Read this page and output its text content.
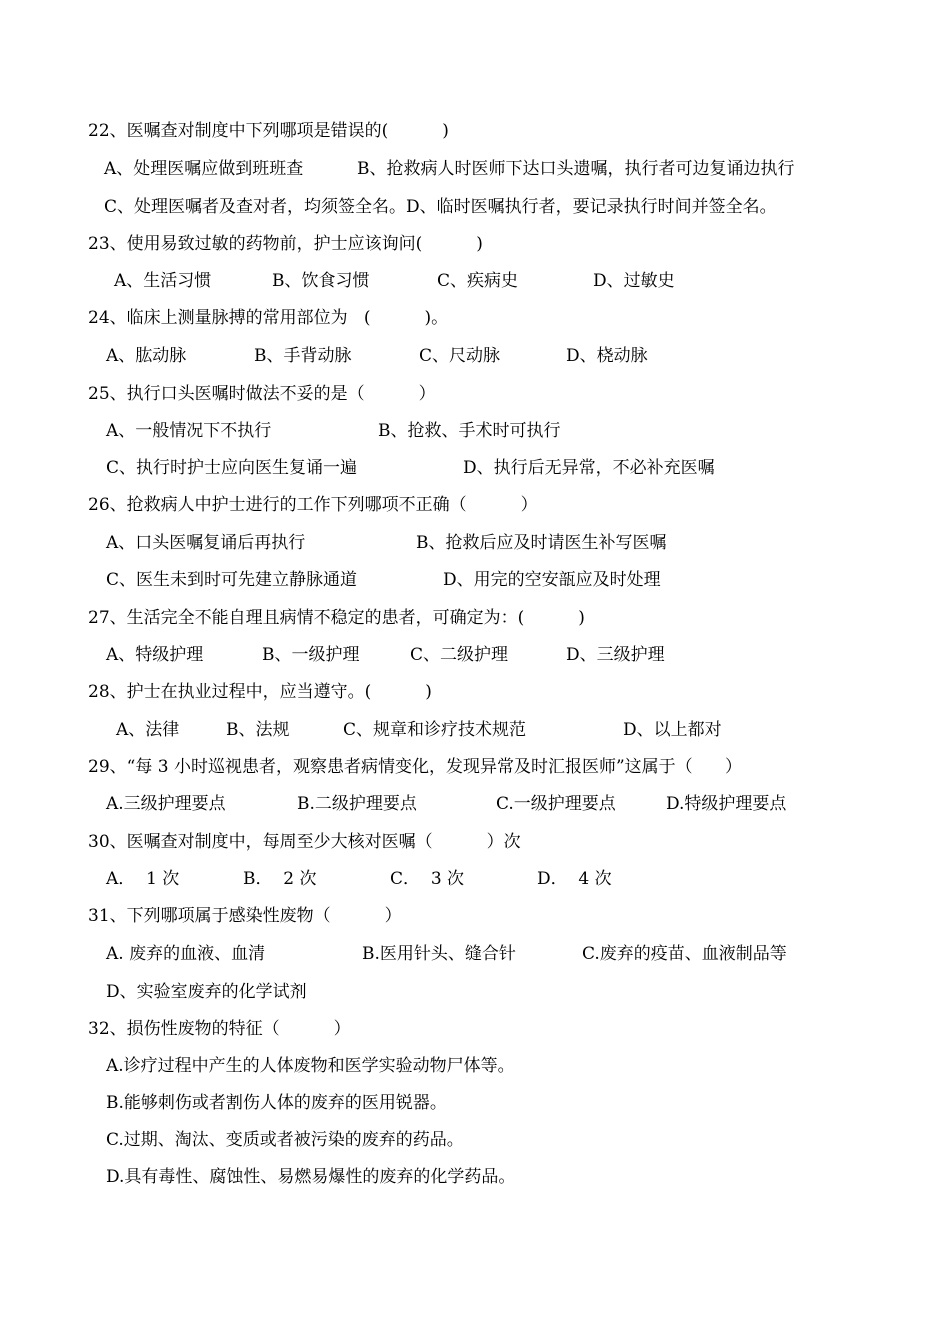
22、医嘱查对制度中下列哪项是错误的(          )
A、处理医嘱应做到班班查	B、抢救病人时医师下达口头遗嘱，执行者可边复诵边执行
C、处理医嘱者及查对者，均须签全名。D、临时医嘱执行者，要记录执行时间并签全名。
23、使用易致过敏的药物前，护士应该询问(          )
A、生活习惯	B、饮食习惯	C、疾病史	D、过敏史
24、临床上测量脉搏的常用部位为   (          )。
A、肱动脉	B、手背动脉	C、尺动脉	D、桡动脉
25、执行口头医嘱时做法不妥的是（          ）
A、一般情况下不执行	B、抢救、手术时可执行
C、执行时护士应向医生复诵一遍	D、执行后无异常，不必补充医嘱
26、抢救病人中护士进行的工作下列哪项不正确（          ）
A、口头医嘱复诵后再执行	B、抢救后应及时请医生补写医嘱
C、医生未到时可先建立静脉通道	D、用完的空安瓿应及时处理
27、生活完全不能自理且病情不稳定的患者，可确定为：(          )
A、特级护理	B、一级护理	C、二级护理	D、三级护理
28、护士在执业过程中，应当遵守。(          )
A、法律	B、法规	C、规章和诊疗技术规范	D、以上都对
29、“每 3 小时巡视患者，观察患者病情变化，发现异常及时汇报医师”这属于（      ）
A.三级护理要点	B.二级护理要点	C.一级护理要点	D.特级护理要点
30、医嘱查对制度中，每周至少大核对医嘱（          ）次
A．  1 次	B．  2 次	C．  3 次	D．  4 次
31、下列哪项属于感染性废物（          ）
A. 废弃的血液、血清	B.医用针头、缝合针	C.废弃的疫苗、血液制品等
D、实验室废弃的化学试剂
32、损伤性废物的特征（          ）
A.诊疗过程中产生的人体废物和医学实验动物尸体等。
B.能够刺伤或者割伤人体的废弃的医用锐器。
C.过期、淘汰、变质或者被污染的废弃的药品。
D.具有毒性、腐蚀性、易燃易爆性的废弃的化学药品。
